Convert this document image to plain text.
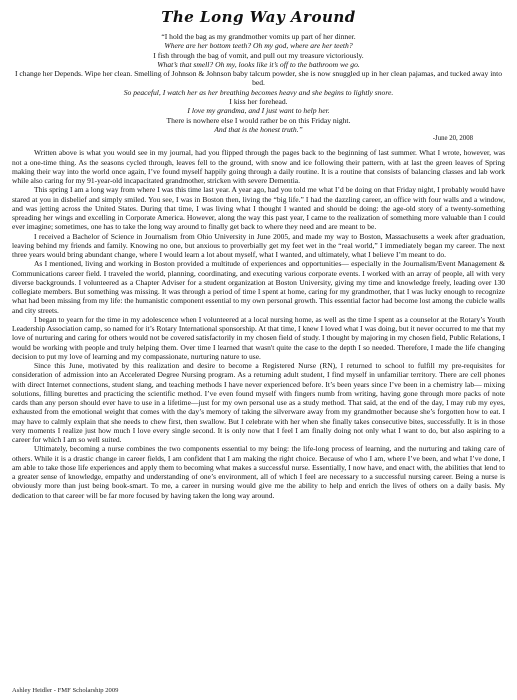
The Long Way Around
“I hold the bag as my grandmother vomits up part of her dinner.
Where are her bottom teeth? Oh my god, where are her teeth?
I fish through the bag of vomit, and pull out my treasure victoriously.
What’s that smell? Oh my, looks like it’s off to the bathroom we go.
I change her Depends. Wipe her clean. Smelling of Johnson & Johnson baby talcum powder, she is now snuggled up in her clean pajamas, and tucked away into bed.
So peaceful, I watch her as her breathing becomes heavy and she begins to lightly snore.
I kiss her forehead.
I love my grandma, and I just want to help her.
There is nowhere else I would rather be on this Friday night.
And that is the honest truth.”
-June 20, 2008

Written above is what you would see in my journal, had you flipped through the pages back to the beginning of last summer. What I wrote, however, was not a one-time thing. As the seasons cycled through, leaves fell to the ground, with snow and ice following their pattern, with at last the green leaves of Spring making their way into the world once again, I’ve found myself happily going through a daily routine. It is a routine that consists of balancing classes and lab work while also caring for my 91-year-old incapacitated grandmother, stricken with severe Dementia.

This spring I am a long way from where I was this time last year. A year ago, had you told me what I’d be doing on that Friday night, I probably would have stared at you in disbelief and simply smiled. You see, I was in Boston then, living the “big life.” I had the dazzling career, an office with four walls and a window, and was jetting across the United States. During that time, I was living what I thought I wanted and should be doing: the age-old story of a twenty-something spreading her wings and excelling in Corporate America. However, along the way this past year, I came to the realization of something more valuable than I could ever imagine; sometimes, one has to take the long way around to finally get back to where they need and are meant to be.

I received a Bachelor of Science in Journalism from Ohio University in June 2005, and made my way to Boston, Massachusetts a week after graduation, leaving behind my friends and family. Knowing no one, but anxious to proverbially get my feet wet in the “real world,” I immediately began my career. The next three years would bring abundant change, where I would learn a lot about myself, what I wanted, and ultimately, what I believe I’m meant to do.

As I mentioned, living and working in Boston provided a multitude of experiences and opportunities— especially in the Journalism/Event Management & Communications career field. I traveled the world, planning, coordinating, and executing various corporate events. I worked with an array of people, all with very diverse backgrounds. I volunteered as a Chapter Adviser for a student organization at Boston University, giving my time and knowledge freely, leading over 130 collegiate members. But something was missing. It was through a period of time I spent at home, caring for my grandmother, that I was lucky enough to recognize what had been missing from my life: the humanistic component essential to my own personal growth. This essential factor had become lost among the cubicle walls and city streets.

I began to yearn for the time in my adolescence when I volunteered at a local nursing home, as well as the time I spent as a counselor at the Rotary’s Youth Leadership Association camp, so named for it’s Rotary International sponsorship. At that time, I knew I loved what I was doing, but it never occurred to me that my love of nurturing and caring for others would not be covered satisfactorily in my chosen field of study. I thought by majoring in my chosen field, Public Relations, I would be working with people and truly helping them. Over time I learned that wasn't quite the case to the depth I so needed. Therefore, I made the life changing decision to put my love of learning and my compassionate, nurturing nature to use.

Since this June, motivated by this realization and desire to become a Registered Nurse (RN), I returned to school to fulfill my pre-requisites for consideration of admission into an Accelerated Degree Nursing program. As a returning adult student, I find myself in unfamiliar territory. There are cell phones with direct Internet connections, student slang, and teaching methods I have never experienced before. It’s been years since I’ve been in a chemistry lab— mixing solutions, filling burettes and practicing the scientific method. I’ve even found myself with fingers numb from writing, having gone through more packs of note cards than any person should ever have to use in a lifetime—just for my own personal use as a study method. That said, at the end of the day, I may rub my eyes, exhausted from the emotional weight that comes with the day’s memory of taking the silverware away from my grandmother because she’s forgotten how to eat. I may have to calmly explain that she needs to chew first, then swallow. But I celebrate with her when she finally takes consecutive bites, successfully. It is in those very moments I realize just how much I love every single second. It is only now that I feel I am finally doing not only what I want to do, but also aspiring to a career for which I am so well suited.

Ultimately, becoming a nurse combines the two components essential to my being: the life-long process of learning, and the nurturing and taking care of others. While it is a drastic change in career fields, I am confident that I am making the right choice. Because of who I am, where I’ve been, and what I’ve done, I am able to take those life experiences and apply them to becoming what makes a successful nurse. Essentially, I now have, and enact with, the abilities that lend to a greater sense of knowledge, empathy and understanding of one’s environment, all of which I feel are necessary to a successful nursing career. Being a nurse is obviously more than just being book-smart. To me, a career in nursing would give me the ability to help and enrich the lives of others on a daily basis. My dedication to that career will be far more focused by having taken the long way around.

Ashley Heidler - FMF Scholarship 2009
